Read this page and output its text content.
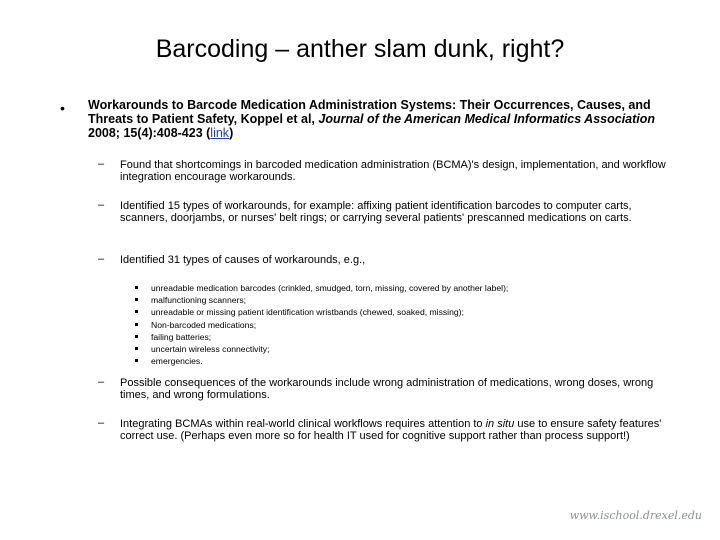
Barcoding – anther slam dunk, right?
• Workarounds to Barcode Medication Administration Systems: Their Occurrences, Causes, and Threats to Patient Safety, Koppel et al, Journal of the American Medical Informatics Association 2008; 15(4):408-423 (link)
– Found that shortcomings in barcoded medication administration (BCMA)'s design, implementation, and workflow integration encourage workarounds.
– Identified 15 types of workarounds, for example: affixing patient identification barcodes to computer carts, scanners, doorjambs, or nurses' belt rings; or carrying several patients' prescanned medications on carts.
– Identified 31 types of causes of workarounds, e.g.,
unreadable medication barcodes (crinkled, smudged, torn, missing, covered by another label);
malfunctioning scanners;
unreadable or missing patient identification wristbands (chewed, soaked, missing);
Non-barcoded medications;
failing batteries;
uncertain wireless connectivity;
emergencies.
– Possible consequences of the workarounds include wrong administration of medications, wrong doses, wrong times, and wrong formulations.
– Integrating BCMAs within real-world clinical workflows requires attention to in situ use to ensure safety features' correct use. (Perhaps even more so for health IT used for cognitive support rather than process support!)
www.ischool.drexel.edu
